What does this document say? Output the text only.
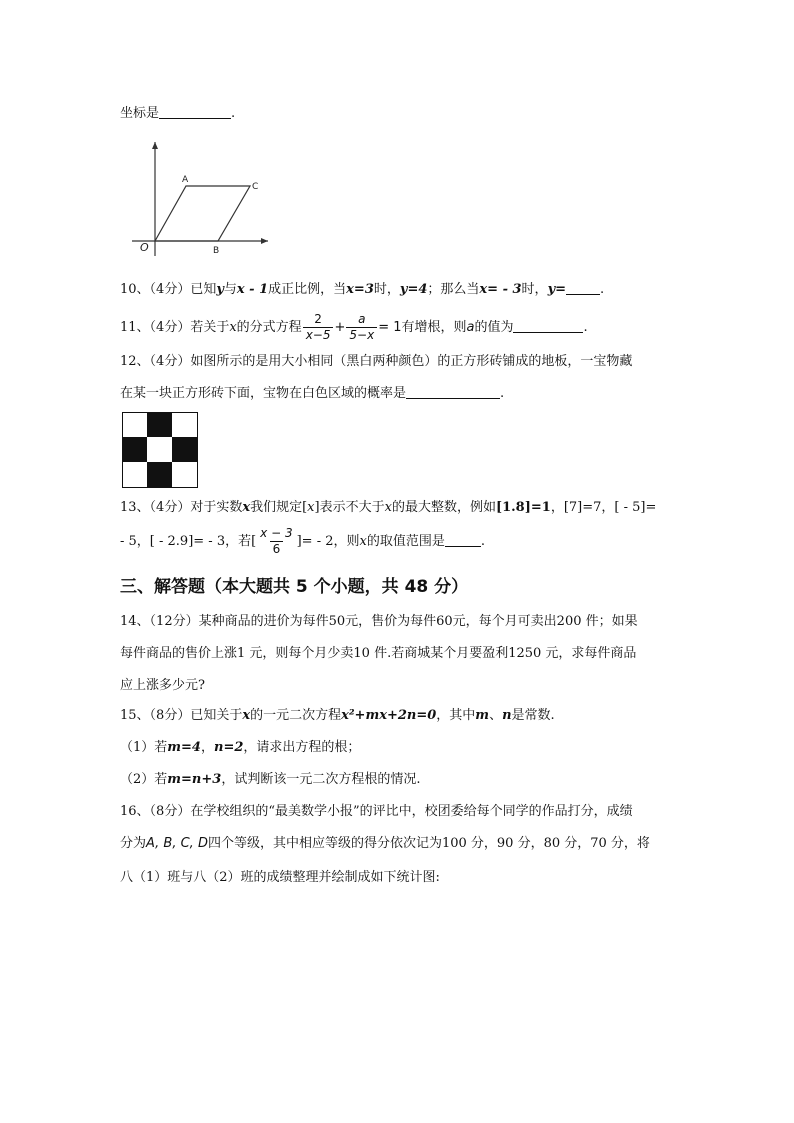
坐标是	.
A
C
B
O
10、（4分）已知y与x - 1成正比例，当x=3时，y=4；那么当x= - 3时，y=	.
11、（4分）若关于x的分式方程 $\frac{2}{x-5} + \frac{a}{5-x} = 1$有增根，则a的值为	.
12、（4分）如图所示的是用大小相同（黑白两种颜色）的正方形砖铺成的地板，一宝物藏
在某一块正方形砖下面，宝物在白色区域的概率是	.
13、（4分）对于实数x我们规定[x]表示不大于x的最大整数，例如[1.8]=1，[7]=7，[ - 5]=
- 5，[ - 2.9]= - 3，若[ $\frac{x - 3}{6}$ ]= - 2，则x的取值范围是	.
三、解答题（本大题共 5 个小题，共 48 分）
14、（12分）某种商品的进价为每件50元，售价为每件60元，每个月可卖出200 件；如果
每件商品的售价上涨1 元，则每个月少卖10 件.若商城某个月要盈利1250 元，求每件商品
应上涨多少元?
15、（8分）已知关于x的一元二次方程x²+mx+2n=0，其中m、n是常数.
（1）若m=4，n=2，请求出方程的根；
（2）若m=n+3，试判断该一元二次方程根的情况.
16、（8分）在学校组织的“最美数学小报”的评比中，校团委给每个同学的作品打分，成绩
分为A, B, C, D四个等级，其中相应等级的得分依次记为100 分，90 分，80 分，70 分，将
八（1）班与八（2）班的成绩整理并绘制成如下统计图:
